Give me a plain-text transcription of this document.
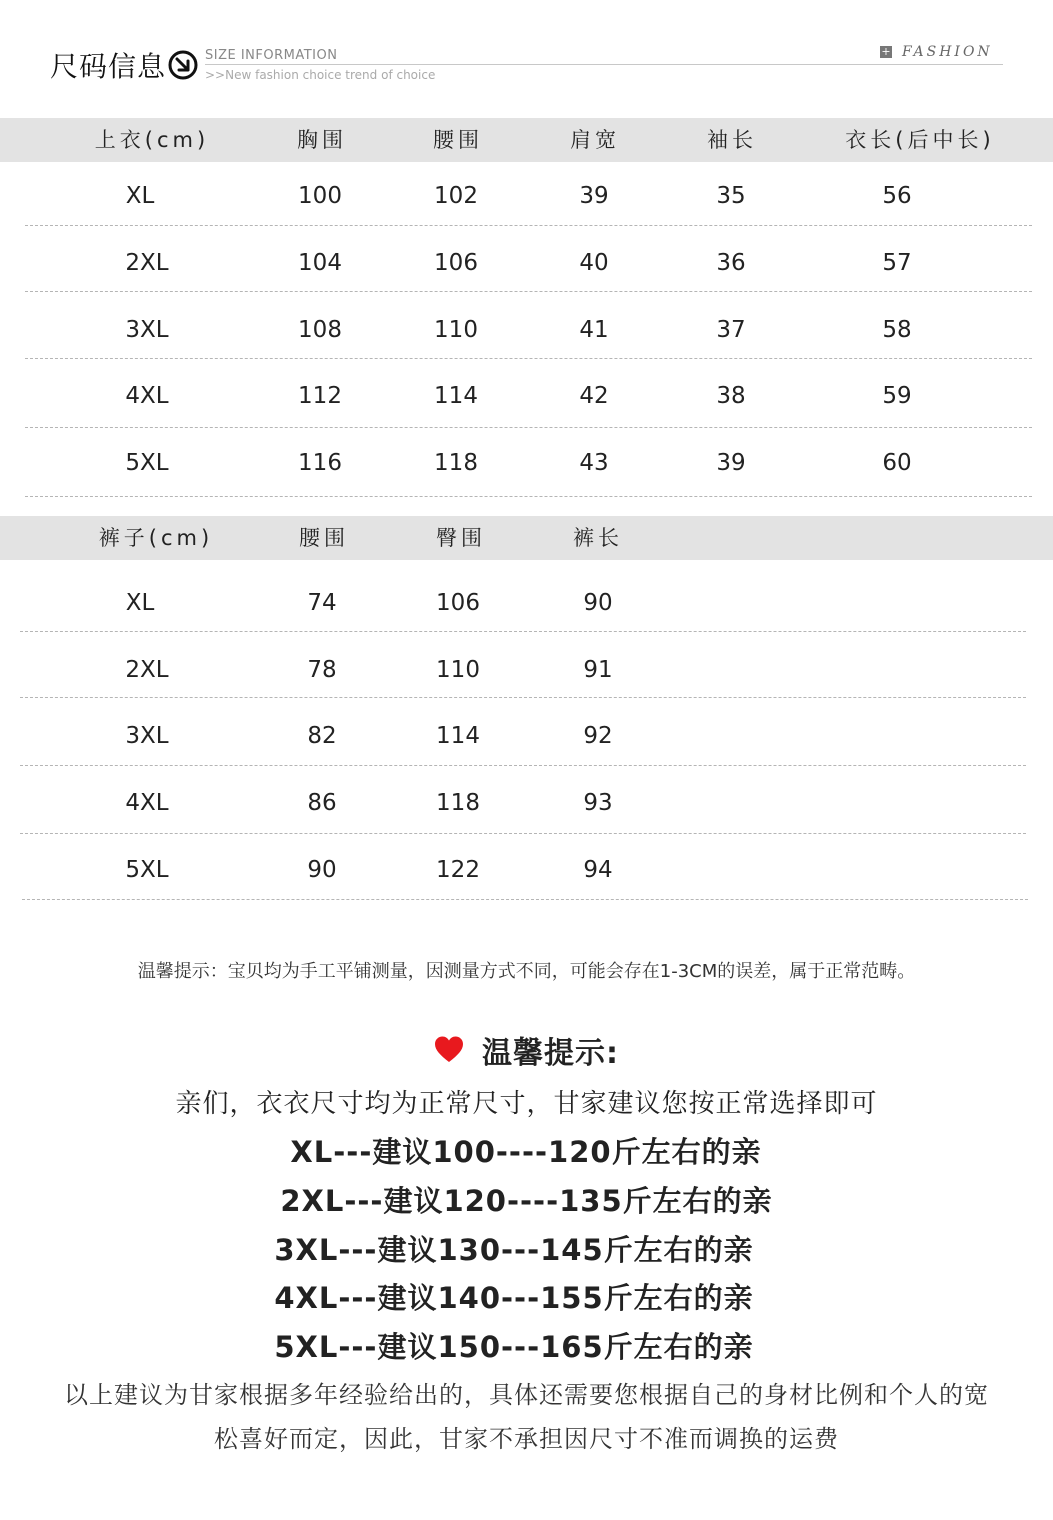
尺码信息	SIZE INFORMATION
>>New fashion choice trend of choice
+ FASHION
上衣(cm)	胸围	腰围	肩宽	袖长	衣长(后中长)
XL	100	102	39	35	56
2XL	104	106	40	36	57
3XL	108	110	41	37	58
4XL	112	114	42	38	59
5XL	116	118	43	39	60
裤子(cm)	腰围	臀围	裤长
XL	74	106	90
2XL	78	110	91
3XL	82	114	92
4XL	86	118	93
5XL	90	122	94
温馨提示：宝贝均为手工平铺测量，因测量方式不同，可能会存在1-3CM的误差，属于正常范畴。
温馨提示:
亲们，衣衣尺寸均为正常尺寸，甘家建议您按正常选择即可
XL---建议100----120斤左右的亲
2XL---建议120----135斤左右的亲
3XL---建议130---145斤左右的亲
4XL---建议140---155斤左右的亲
5XL---建议150---165斤左右的亲
以上建议为甘家根据多年经验给出的，具体还需要您根据自己的身材比例和个人的宽
松喜好而定，因此，甘家不承担因尺寸不准而调换的运费
